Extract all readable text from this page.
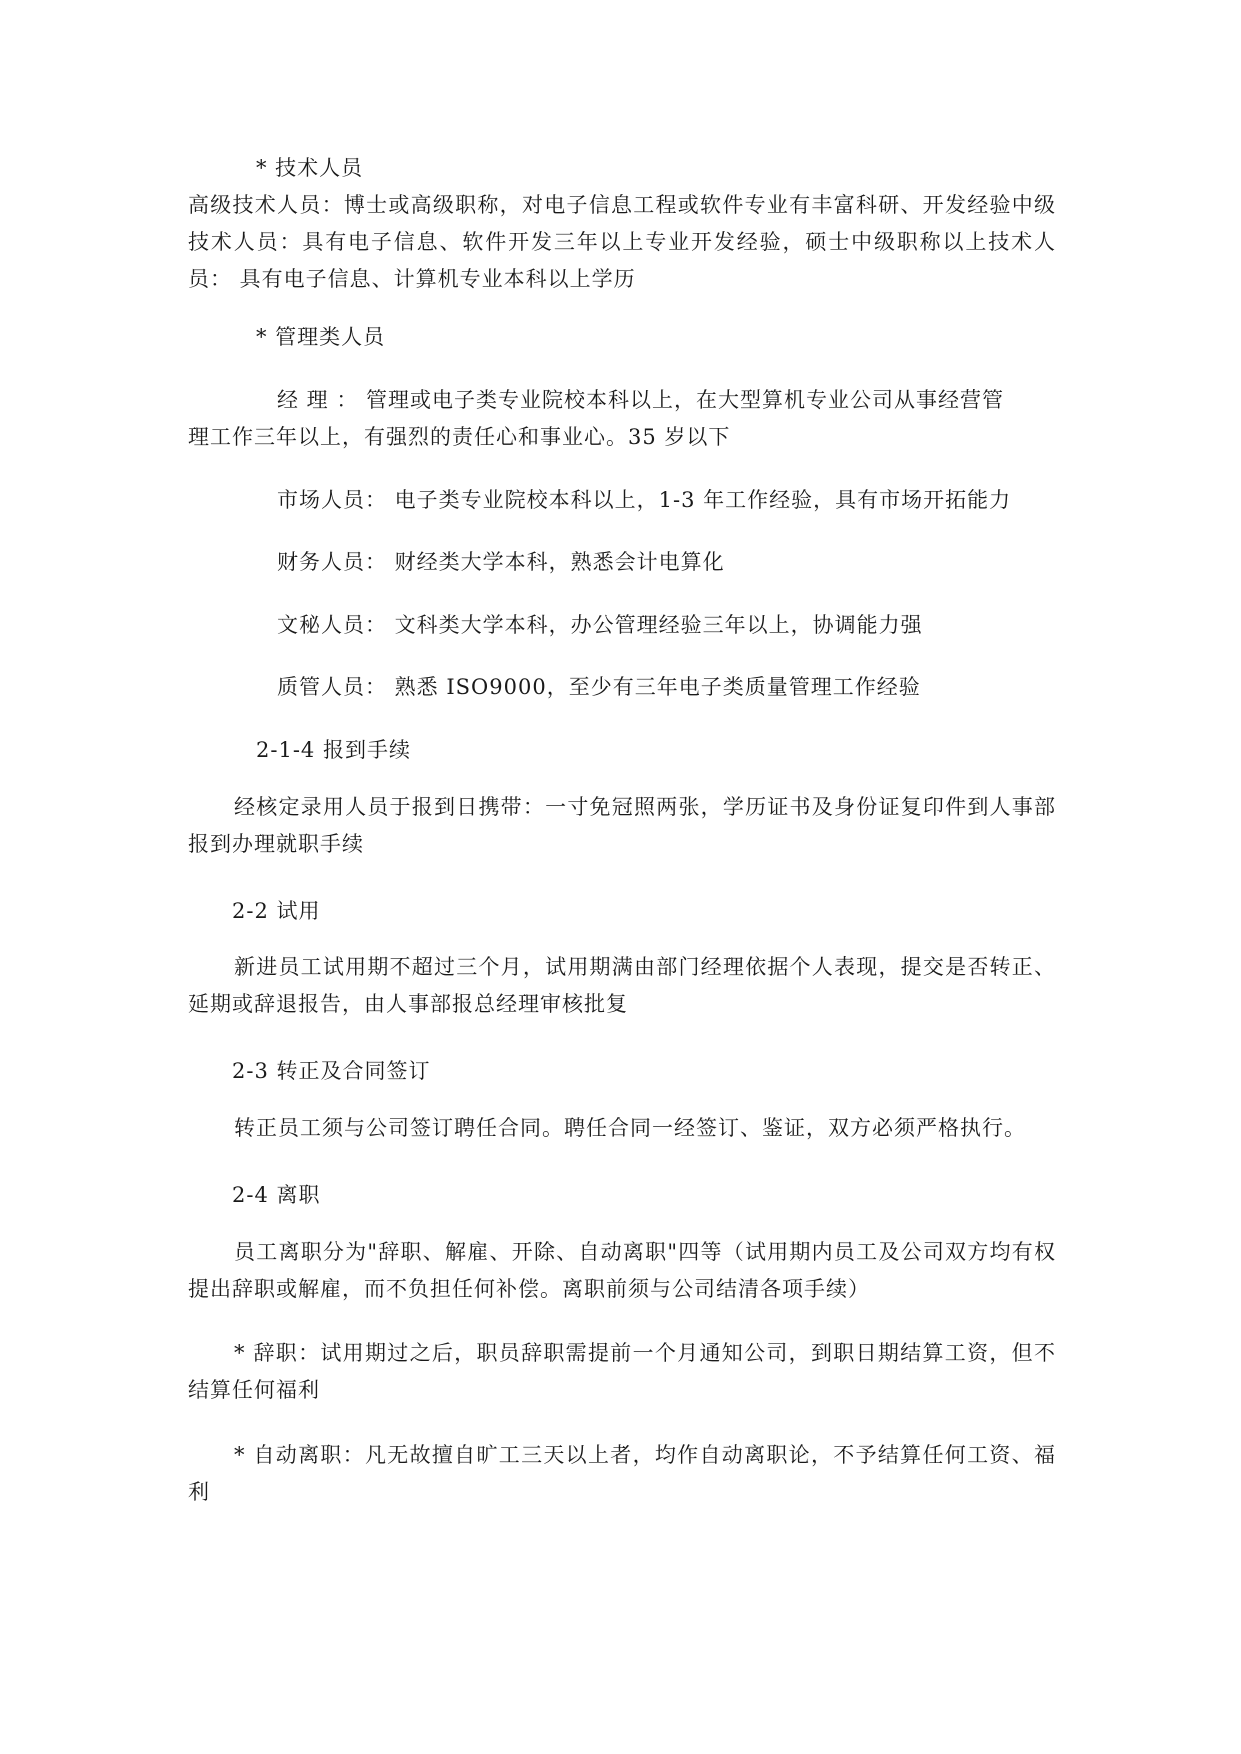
* 技术人员
高级技术人员：博士或高级职称，对电子信息工程或软件专业有丰富科研、开发经验中级技术人员：具有电子信息、软件开发三年以上专业开发经验，硕士中级职称以上技术人员： 具有电子信息、计算机专业本科以上学历
* 管理类人员
经 理 ： 管理或电子类专业院校本科以上，在大型算机专业公司从事经营管
理工作三年以上，有强烈的责任心和事业心。35 岁以下
市场人员： 电子类专业院校本科以上，1-3 年工作经验，具有市场开拓能力
财务人员： 财经类大学本科，熟悉会计电算化
文秘人员： 文科类大学本科，办公管理经验三年以上，协调能力强
质管人员： 熟悉 ISO9000，至少有三年电子类质量管理工作经验
2-1-4 报到手续
经核定录用人员于报到日携带：一寸免冠照两张，学历证书及身份证复印件到人事部报到办理就职手续
2-2 试用
新进员工试用期不超过三个月，试用期满由部门经理依据个人表现，提交是否转正、延期或辞退报告，由人事部报总经理审核批复
2-3 转正及合同签订
转正员工须与公司签订聘任合同。聘任合同一经签订、鉴证，双方必须严格执行。
2-4 离职
员工离职分为"辞职、解雇、开除、自动离职"四等（试用期内员工及公司双方均有权提出辞职或解雇，而不负担任何补偿。离职前须与公司结清各项手续）
* 辞职：试用期过之后，职员辞职需提前一个月通知公司，到职日期结算工资，但不结算任何福利
* 自动离职：凡无故擅自旷工三天以上者，均作自动离职论，不予结算任何工资、福利
